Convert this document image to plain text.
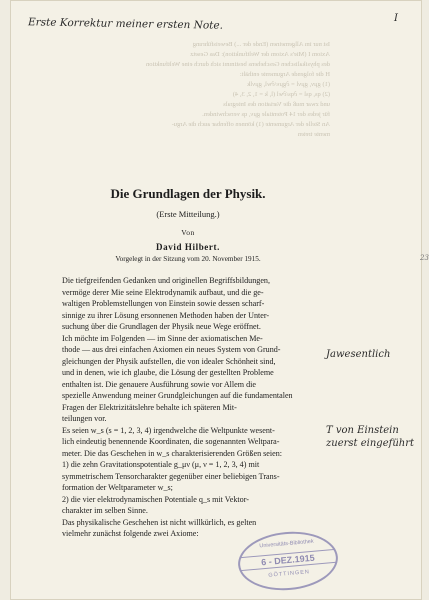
Ist nur im Allgemeinen (Ende der ...) Beweisführung
Axiom I (Mie's Axiom der Weltfunktion): Das Gesetz
des physikalischen Geschehens bestimmt sich durch eine Weltfunktion
H die folgende Argumente enthält:
(1) gμν, gμνl = ∂gμν/∂wl, gμνlk
(2) qs, qsl = ∂qs/∂wl (l, k = 1, 2, 3, 4)
und zwar muß die Variation des Integrals
für jedes der 14 Potentiale gμν, qs verschwinden.
An Stelle der Argumente (1) können offenbar auch die Argu-
mente treten
Erste Korrektur meiner ersten Note.	I
23
Jawesentlich
T von Einstein
zuerst eingeführt
Die Grundlagen der Physik.
(Erste Mitteilung.)
Von
David Hilbert.
Vorgelegt in der Sitzung vom 20. November 1915.

Die tiefgreifenden Gedanken und originellen Begriffsbildungen,
vermöge derer Mie seine Elektrodynamik aufbaut, und die ge-
waltigen Problemstellungen von Einstein sowie dessen scharf-
sinnige zu ihrer Lösung ersonnenen Methoden haben der Unter-
suchung über die Grundlagen der Physik neue Wege eröffnet.

Ich möchte im Folgenden — im Sinne der axiomatischen Me-
thode — aus drei einfachen Axiomen ein neues System von Grund-
gleichungen der Physik aufstellen, die von idealer Schönheit sind,
und in denen, wie ich glaube, die Lösung der gestellten Probleme
enthalten ist. Die genauere Ausführung sowie vor Allem die
spezielle Anwendung meiner Grundgleichungen auf die fundamentalen
Fragen der Elektrizitätslehre behalte ich späteren Mit-
teilungen vor.

Es seien w_s (s = 1, 2, 3, 4) irgendwelche die Weltpunkte wesent-
lich eindeutig benennende Koordinaten, die sogenannten Weltpara-
meter. Die das Geschehen in w_s charakterisierenden Größen seien:
1) die zehn Gravitationspotentiale g_μν (μ, ν = 1, 2, 3, 4) mit
symmetrischem Tensorcharakter gegenüber einer beliebigen Trans-
formation der Weltparameter w_s;
2) die vier elektrodynamischen Potentiale q_s mit Vektor-
charakter im selben Sinne.

Das physikalische Geschehen ist nicht willkürlich, es gelten
vielmehr zunächst folgende zwei Axiome:

Universitäts-Bibliothek
6 - DEZ.1915
GÖTTINGEN
